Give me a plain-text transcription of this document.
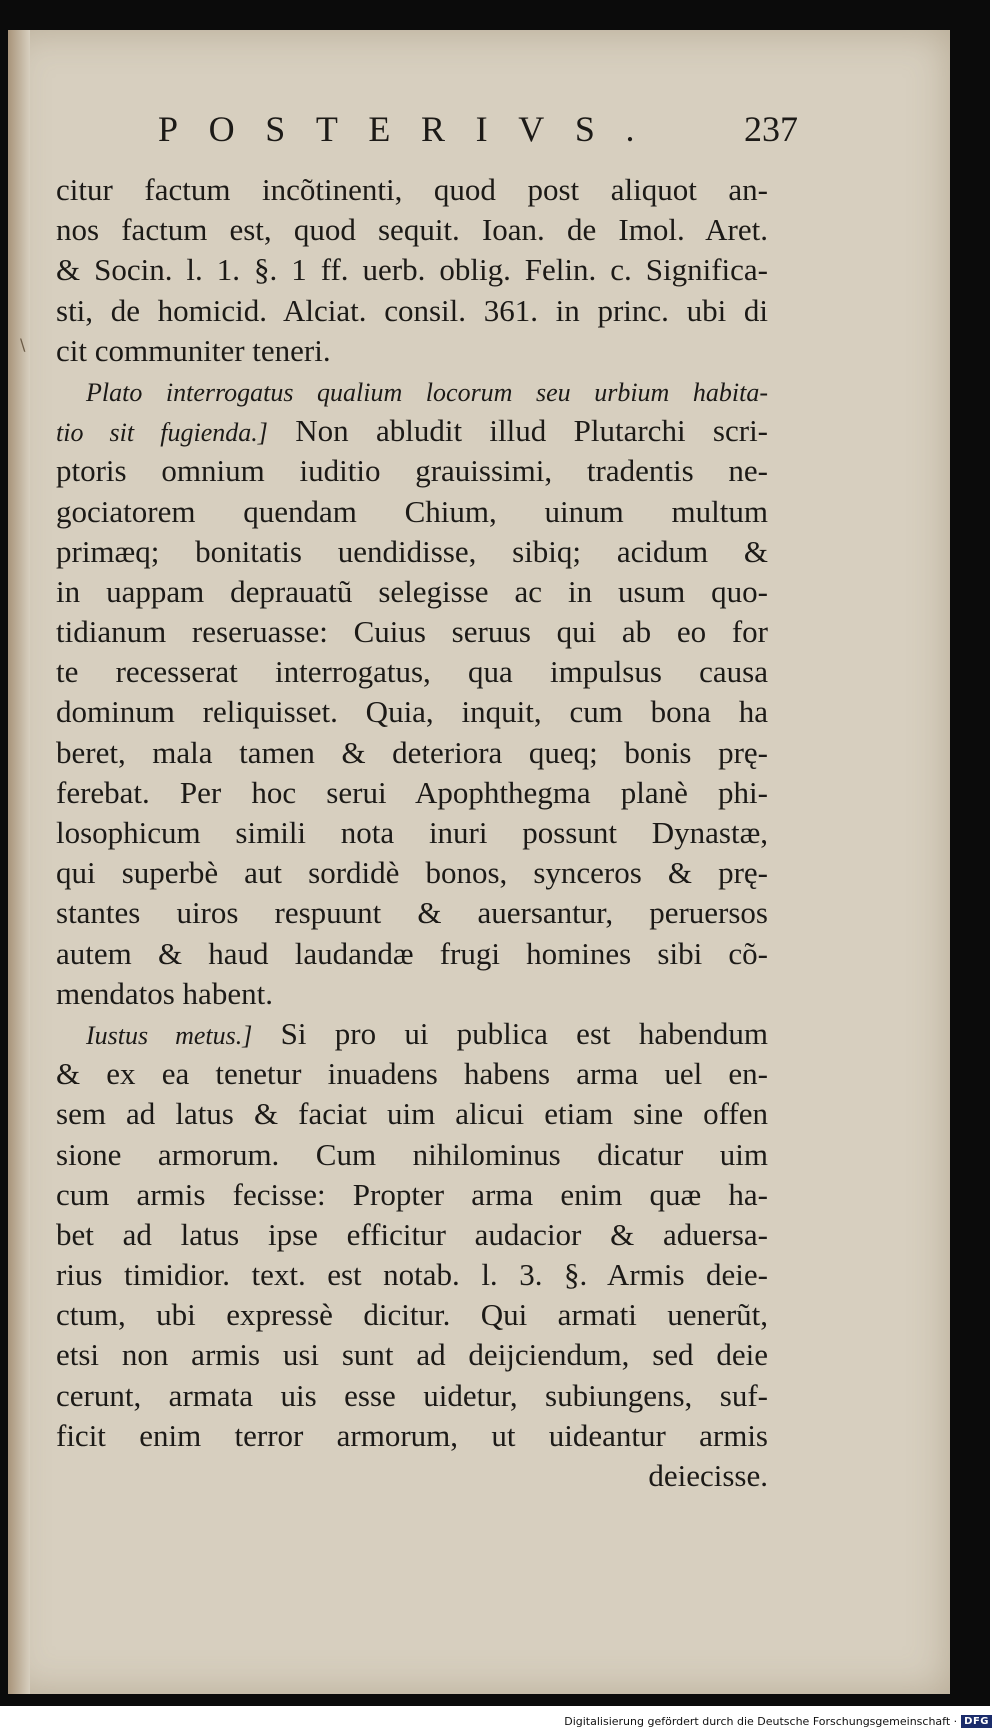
\
POSTERIVS. 237
citur factum incõtinenti, quod post aliquot an-
nos factum est, quod sequit. Ioan. de Imol. Aret.
& Socin. l. 1. §. 1 ff. uerb. oblig. Felin. c. Significa-
sti, de homicid. Alciat. consil. 361. in princ. ubi di
cit communiter teneri.
Plato interrogatus qualium locorum seu urbium habita-
tio sit fugienda.] Non abludit illud Plutarchi scri-
ptoris omnium iuditio grauissimi, tradentis ne-
gociatorem quendam Chium, uinum multum
primæq; bonitatis uendidisse, sibiq; acidum &
in uappam deprauatũ selegisse ac in usum quo-
tidianum reseruasse: Cuius seruus qui ab eo for
te recesserat interrogatus, qua impulsus causa
dominum reliquisset. Quia, inquit, cum bona ha
beret, mala tamen & deteriora queq; bonis prę-
ferebat. Per hoc serui Apophthegma planè phi-
losophicum simili nota inuri possunt Dynastæ,
qui superbè aut sordidè bonos, synceros & prę-
stantes uiros respuunt & auersantur, peruersos
autem & haud laudandæ frugi homines sibi cõ-
mendatos habent.
Iustus metus.] Si pro ui publica est habendum
& ex ea tenetur inuadens habens arma uel en-
sem ad latus & faciat uim alicui etiam sine offen
sione armorum. Cum nihilominus dicatur uim
cum armis fecisse: Propter arma enim quæ ha-
bet ad latus ipse efficitur audacior & aduersa-
rius timidior. text. est notab. l. 3. §. Armis deie-
ctum, ubi expressè dicitur. Qui armati uenerũt,
etsi non armis usi sunt ad deijciendum, sed deie
cerunt, armata uis esse uidetur, subiungens, suf-
ficit enim terror armorum, ut uideantur armis
deiecisse.
Digitalisierung gefördert durch die Deutsche Forschungsgemeinschaft · DFG
